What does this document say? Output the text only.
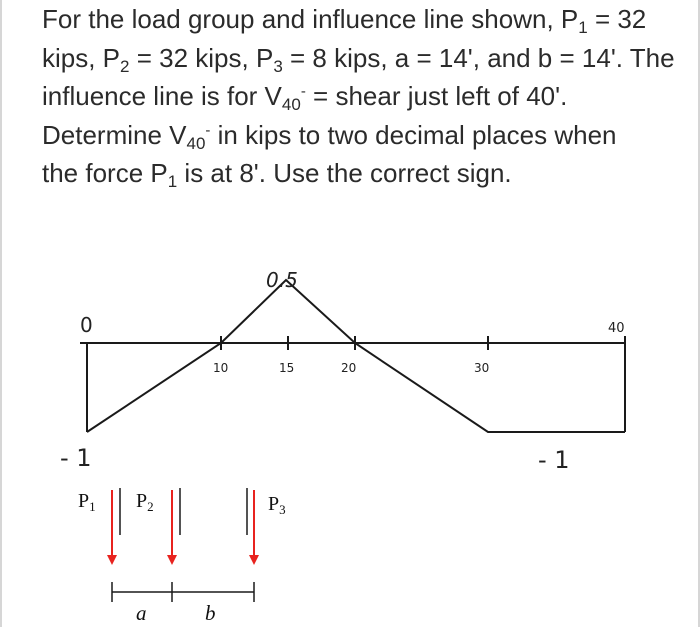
For the load group and influence line shown, $P_1 = 32$
kips, $P_2 = 32$ kips, $P_3 = 8$ kips, a = 14', and b = 14'. The
influence line is for $V_{40}^-$ = shear just left of 40'.
Determine $V_{40}^-$ in kips to two decimal places when
the force $P_1$ is at 8'. Use the correct sign.
0.5
0	40
10	15	20	30
- 1	- 1
$P_1$ $P_2$	$P_3$
a	b
